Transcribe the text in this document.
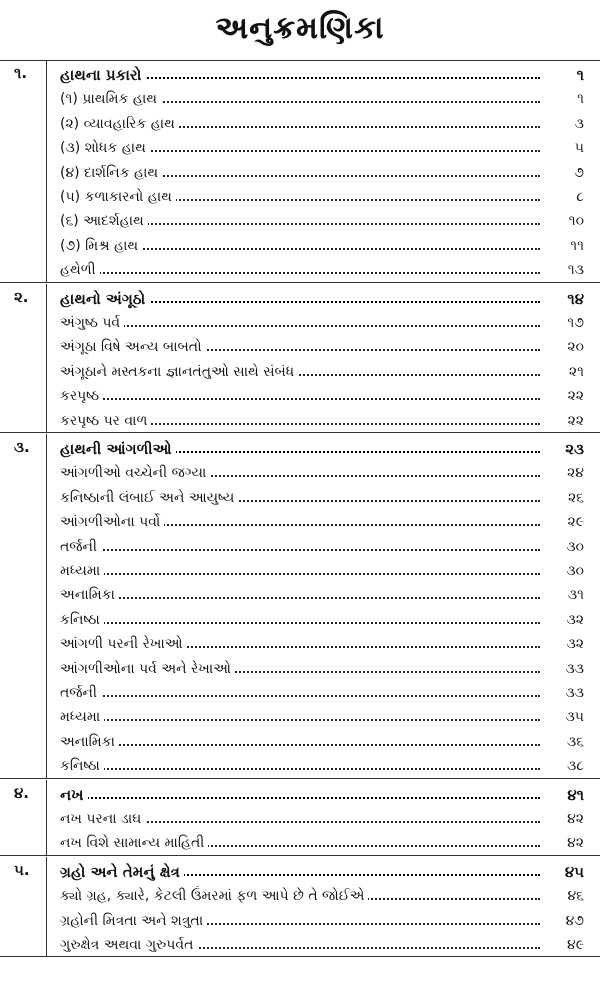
અનુક્રમણિકા
૧. હાથના પ્રકારો	૧
(૧) પ્રાથમિક હાથ	૧
(૨) વ્યાવહારિક હાથ	૩
(૩) શોધક હાથ	૫
(૪) દાર્શનિક હાથ	૭
(૫) કળાકારનો હાથ	૮
(૬) આદર્શહાથ	૧૦
(૭) મિશ્ર હાથ	૧૧
હથેળી	૧૩
૨. હાથનો અંગૂઠો	૧૪
અંગુષ્ઠ પર્વ	૧૭
અંગૂઠા વિષે અન્ય બાબતો	૨૦
અંગૂઠાને મસ્તકના જ્ઞાનતંતુઓ સાથે સંબંધ	૨૧
કરપૃષ્ઠ	૨૨
કરપૃષ્ઠ પર વાળ	૨૨
૩. હાથની આંગળીઓ	૨૩
આંગળીઓ વચ્ચેની જગ્યા	૨૪
કનિષ્ઠાની લંબાઈ અને આયુષ્ય	૨૬
આંગળીઓના પર્વો	૨૯
તર્જની	૩૦
મધ્યમા	૩૦
અનામિકા	૩૧
કનિષ્ઠા	૩૨
આંગળી પરની રેખાઓ	૩૨
આંગળીઓના પર્વ અને રેખાઓ	૩૩
તર્જની	૩૩
મધ્યમા	૩૫
અનામિકા	૩૬
કનિષ્ઠા	૩૮
૪. નખ	૪૧
નખ પરના ડાઘ	૪૨
નખ વિશે સામાન્ય માહિતી	૪૨
૫. ગ્રહો અને તેમનું ક્ષેત્ર	૪૫
ક્યો ગ્રહ, ક્યારે, કેટલી ઉંમરમાં ફળ આપે છે તે જોઈએ	૪૬
ગ્રહોની મિત્રતા અને શત્રુતા	૪૭
ગુરુક્ષેત્ર અથવા ગુરુપર્વત	૪૯
